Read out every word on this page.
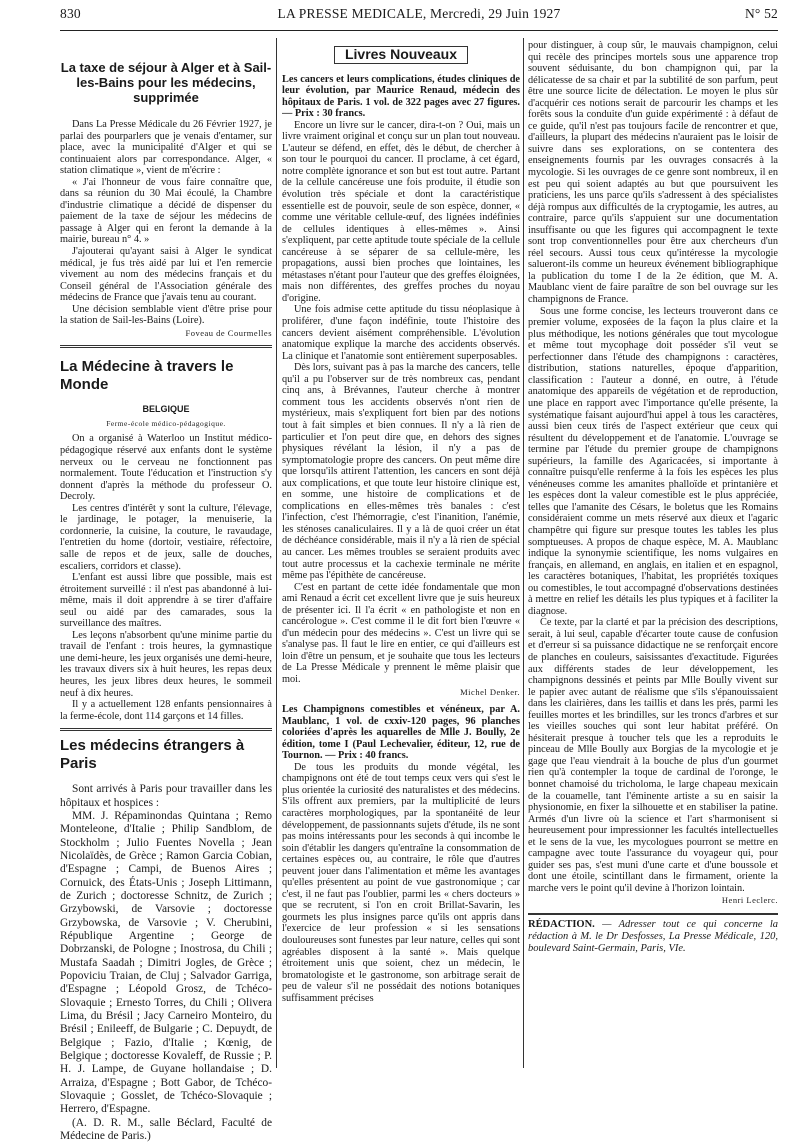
830	LA PRESSE MEDICALE, Mercredi, 29 Juin 1927	N° 52
La taxe de séjour à Alger et à Sail-les-Bains pour les médecins, supprimée

Dans La Presse Médicale du 26 Février 1927, je parlai des pourparlers que je venais d'entamer, sur place, avec la municipalité d'Alger et qui se continuaient alors par correspondance. Alger, « station climatique », vient de m'écrire :

« J'ai l'honneur de vous faire connaître que, dans sa réunion du 30 Mai écoulé, la Chambre d'industrie climatique a décidé de dispenser du paiement de la taxe de séjour les médecins de passage à Alger qui en feront la demande à la mairie, bureau n° 4. »

J'ajouterai qu'ayant saisi à Alger le syndicat médical, je fus très aidé par lui et l'en remercie vivement au nom des médecins français et du Conseil général de l'Association générale des médecins de France que j'avais tenu au courant.

Une décision semblable vient d'être prise pour la station de Sail-les-Bains (Loire).

Foveau de Courmelles
La Médecine à travers le Monde
BELGIQUE
Ferme-école médico-pédagogique.

On a organisé à Waterloo un Institut médico-pédagogique réservé aux enfants dont le système nerveux ou le cerveau ne fonctionnent pas normalement. Toute l'éducation et l'instruction s'y donnent d'après la méthode du professeur O. Decroly.

Les centres d'intérêt y sont la culture, l'élevage, le jardinage, le potager, la menuiserie, la cordonnerie, la cuisine, la couture, le ravaudage, l'entretien du home (dortoir, vestiaire, réfectoire, salle de repos et de jeux, salle de douches, escaliers, corridors et classe).

L'enfant est aussi libre que possible, mais est étroitement surveillé : il n'est pas abandonné à lui-même, mais il doit apprendre à se tirer d'affaire seul ou aidé par des camarades, sous la surveillance des maîtres.

Les leçons n'absorbent qu'une minime partie du travail de l'enfant : trois heures, la gymnastique une demi-heure, les jeux organisés une demi-heure, les travaux divers six à huit heures, les repas deux heures, les jeux libres deux heures, le sommeil neuf à dix heures.

Il y a actuellement 128 enfants pensionnaires à la ferme-école, dont 114 garçons et 14 filles.

Les médecins étrangers à Paris

Sont arrivés à Paris pour travailler dans les hôpitaux et hospices :

MM. J. Répaminondas Quintana ; Remo Monteleone, d'Italie ; Philip Sandblom, de Stockholm ; Julio Fuentes Novella ; Jean Nicolaïdès, de Grèce ; Ramon Garcia Cobian, d'Espagne ; Campi, de Buenos Aires ; Cornuick, des États-Unis ; Joseph Littimann, de Zurich ; doctoresse Schnitz, de Zurich ; Grzybowski, de Varsovie ; doctoresse Grzybowska, de Varsovie ; V. Cherubini, République Argentine ; George de Dobrzanski, de Pologne ; Inostrosa, du Chili ; Mustafa Saadah ; Dimitri Jogles, de Grèce ; Popoviciu Traian, de Cluj ; Salvador Garriga, d'Espagne ; Léopold Grosz, de Tchéco-Slovaquie ; Ernesto Torres, du Chili ; Olivera Lima, du Brésil ; Jacy Carneiro Monteiro, du Brésil ; Enileeff, de Bulgarie ; C. Depuydt, de Belgique ; Fazio, d'Italie ; Kœnig, de Belgique ; doctoresse Kovaleff, de Russie ; P. H. J. Lampe, de Guyane hollandaise ; D. Arraiza, d'Espagne ; Bott Gabor, de Tchéco-Slovaquie ; Gosslet, de Tchéco-Slovaquie ; Herrero, d'Espagne.

(A. D. R. M., salle Béclard, Faculté de Médecine de Paris.)

Livres Nouveaux

Les cancers et leurs complications, études cliniques de leur évolution, par Maurice Renaud, médecin des hôpitaux de Paris. 1 vol. de 322 pages avec 27 figures. — Prix : 30 francs.

Encore un livre sur le cancer, dira-t-on ? Oui, mais un livre vraiment original et conçu sur un plan tout nouveau. L'auteur se défend, en effet, dès le début, de chercher à son tour le pourquoi du cancer. Il proclame, à cet égard, notre complète ignorance et son but est tout autre. Partant de la cellule cancéreuse une fois produite, il étudie son évolution très spéciale et dont la caractéristique essentielle est de pouvoir, seule de son espèce, donner, « comme une véritable cellule-œuf, des lignées indéfinies de cellules identiques à elles-mêmes ». Ainsi s'expliquent, par cette aptitude toute spéciale de la cellule cancéreuse à se séparer de sa cellule-mère, les propagations, aussi bien proches que lointaines, les métastases n'étant pour l'auteur que des greffes éloignées, mais non différentes, des greffes proches du noyau d'origine.

Une fois admise cette aptitude du tissu néoplasique à proliférer, d'une façon indéfinie, toute l'histoire des cancers devient aisément compréhensible. L'évolution anatomique explique la marche des accidents observés. La clinique et l'anatomie sont entièrement superposables.

Dès lors, suivant pas à pas la marche des cancers, telle qu'il a pu l'observer sur de très nombreux cas, pendant cinq ans, à Brévannes, l'auteur cherche à montrer comment tous les accidents observés n'ont rien de mystérieux, mais s'expliquent fort bien par des notions tout à fait simples et bien connues. Il n'y a là rien de particulier et l'on peut dire que, en dehors des signes physiques révélant la lésion, il n'y a pas de symptomatologie propre des cancers. On peut même dire que lorsqu'ils attirent l'attention, les cancers en sont déjà aux complications, et que toute leur histoire clinique est, en somme, une histoire de complications et de complications en elles-mêmes très banales : c'est l'infection, c'est l'hémorragie, c'est l'inanition, l'anémie, les sténoses canaliculaires. Il y a là de quoi créer un état de déchéance considérable, mais il n'y a là rien de spécial au cancer. Les mêmes troubles se seraient produits avec tout autre processus et la cachexie terminale ne mérite même pas l'épithète de cancéreuse.

C'est en partant de cette idée fondamentale que mon ami Renaud a écrit cet excellent livre que je suis heureux de présenter ici. Il l'a écrit « en pathologiste et non en cancérologue ». C'est comme il le dit fort bien l'œuvre « d'un médecin pour des médecins ». C'est un livre qui se s'analyse pas. Il faut le lire en entier, ce qui d'ailleurs est loin d'être un pensum, et je souhaite que tous les lecteurs de La Presse Médicale y prennent le même plaisir que moi.

Michel Denker.

Les Champignons comestibles et vénéneux, par A. Maublanc, 1 vol. de cxxiv-120 pages, 96 planches coloriées d'après les aquarelles de Mlle J. Boully, 2e édition, tome I (Paul Lechevalier, éditeur, 12, rue de Tournon. — Prix : 40 francs.

De tous les produits du monde végétal, les champignons ont été de tout temps ceux vers qui s'est le plus orientée la curiosité des naturalistes et des médecins. S'ils offrent aux premiers, par la multiplicité de leurs caractères morphologiques, par la spontanéité de leur développement, de passionnants sujets d'étude, ils ne sont pas moins intéressants pour les seconds à qui incombe le soin d'établir les dangers qu'entraîne la consommation de certaines espèces ou, au contraire, le rôle que d'autres peuvent jouer dans l'alimentation et même les avantages qu'elles présentent au point de vue gastronomique ; car c'est, il ne faut pas l'oublier, parmi les « chers docteurs » que se recrutent, si l'on en croit Brillat-Savarin, les gourmets les plus insignes parce qu'ils ont appris dans l'exercice de leur profession « si les sensations douloureuses sont funestes par leur nature, celles qui sont agréables disposent à la santé ». Mais quelque étroitement unis que soient, chez un médecin, le bromatologiste et le gastronome, son arbitrage serait de peu de valeur s'il ne possédait des notions botaniques suffisamment précises

pour distinguer, à coup sûr, le mauvais champignon, celui qui recèle des principes mortels sous une apparence trop souvent séduisante, du bon champignon qui, par la délicatesse de sa chair et par la subtilité de son parfum, peut être une source licite de délectation. Le moyen le plus sûr d'acquérir ces notions serait de parcourir les champs et les forêts sous la conduite d'un guide expérimenté : à défaut de ce guide, qu'il n'est pas toujours facile de rencontrer et que, d'ailleurs, la plupart des médecins n'auraient pas le loisir de suivre dans ses explorations, on se contentera des enseignements fournis par les ouvrages consacrés à la mycologie. Si les ouvrages de ce genre sont nombreux, il en est peu qui soient adaptés au but que poursuivent les praticiens, les uns parce qu'ils s'adressent à des spécialistes déjà rompus aux difficultés de la cryptogamie, les autres, au contraire, parce qu'ils s'appuient sur une documentation insuffisante ou que les figures qui accompagnent le texte sont trop conventionnelles pour être aux chercheurs d'un réel secours. Aussi tous ceux qu'intéresse la mycologie salueront-ils comme un heureux événement bibliographique la publication du tome I de la 2e édition, que M. A. Maublanc vient de faire paraître de son bel ouvrage sur les champignons de France.

Sous une forme concise, les lecteurs trouveront dans ce premier volume, exposées de la façon la plus claire et la plus méthodique, les notions générales que tout mycologue et même tout mycophage doit posséder s'il veut se perfectionner dans l'étude des champignons : caractères, distribution, stations naturelles, époque d'apparition, classification : l'auteur a donné, en outre, à l'étude anatomique des appareils de végétation et de reproduction, une place en rapport avec l'importance qu'elle présente, la systématique faisant aujourd'hui appel à tous les caractères, aussi bien ceux tirés de l'aspect extérieur que ceux qui résultent du développement et de l'anatomie. L'ouvrage se termine par l'étude du premier groupe de champignons supérieurs, la famille des Agaricacées, si importante à connaître puisqu'elle renferme à la fois les espèces les plus vénéneuses comme les amanites phalloïde et printanière et les espèces dont la valeur comestible est le plus appréciée, telles que l'amanite des Césars, le boletus que les Romains considéraient comme un mets réservé aux dieux et l'agaric champêtre qui figure sur presque toutes les tables les plus somptueuses. A propos de chaque espèce, M. A. Maublanc indique la synonymie scientifique, les noms vulgaires en français, en allemand, en anglais, en italien et en espagnol, les caractères botaniques, l'habitat, les propriétés toxiques ou comestibles, le tout accompagné d'observations destinées à mettre en relief les détails les plus typiques et à faciliter la diagnose.

Ce texte, par la clarté et par la précision des descriptions, serait, à lui seul, capable d'écarter toute cause de confusion et d'erreur si sa puissance didactique ne se renforçait encore de planches en couleurs, saisissantes d'exactitude. Figurées aux différents stades de leur développement, les champignons dessinés et peints par Mlle Boully vivent sur le papier avec autant de réalisme que s'ils s'épanouissaient dans les clairières, dans les taillis et dans les prés, parmi les feuilles mortes et les brindilles, sur les troncs d'arbres et sur les vieilles souches qui sont leur habitat préféré. On hésiterait presque à toucher tels que les a reproduits le pinceau de Mlle Boully aux Borgias de la mycologie et je gage que l'eau viendrait à la bouche de plus d'un gourmet rien qu'à contempler la toque de cardinal de l'oronge, le bonnet chamoisé du tricholoma, le large chapeau mexicain de la couamelle, tant l'éminente artiste a su en saisir la physionomie, en fixer la silhouette et en stabiliser la patine. Armés d'un livre où la science et l'art s'harmonisent si heureusement pour impressionner les facultés intellectuelles et le sens de la vue, les mycologues pourront se mettre en campagne avec toute l'assurance du voyageur qui, pour guider ses pas, s'est muni d'une carte et d'une boussole et dont une étoile, scintillant dans le firmament, oriente la marche vers le point qu'il devine à l'horizon lointain.

Henri Leclerc.
RÉDACTION. — Adresser tout ce qui concerne la rédaction à M. le Dr Desfosses, La Presse Médicale, 120, boulevard Saint-Germain, Paris, VIe.
